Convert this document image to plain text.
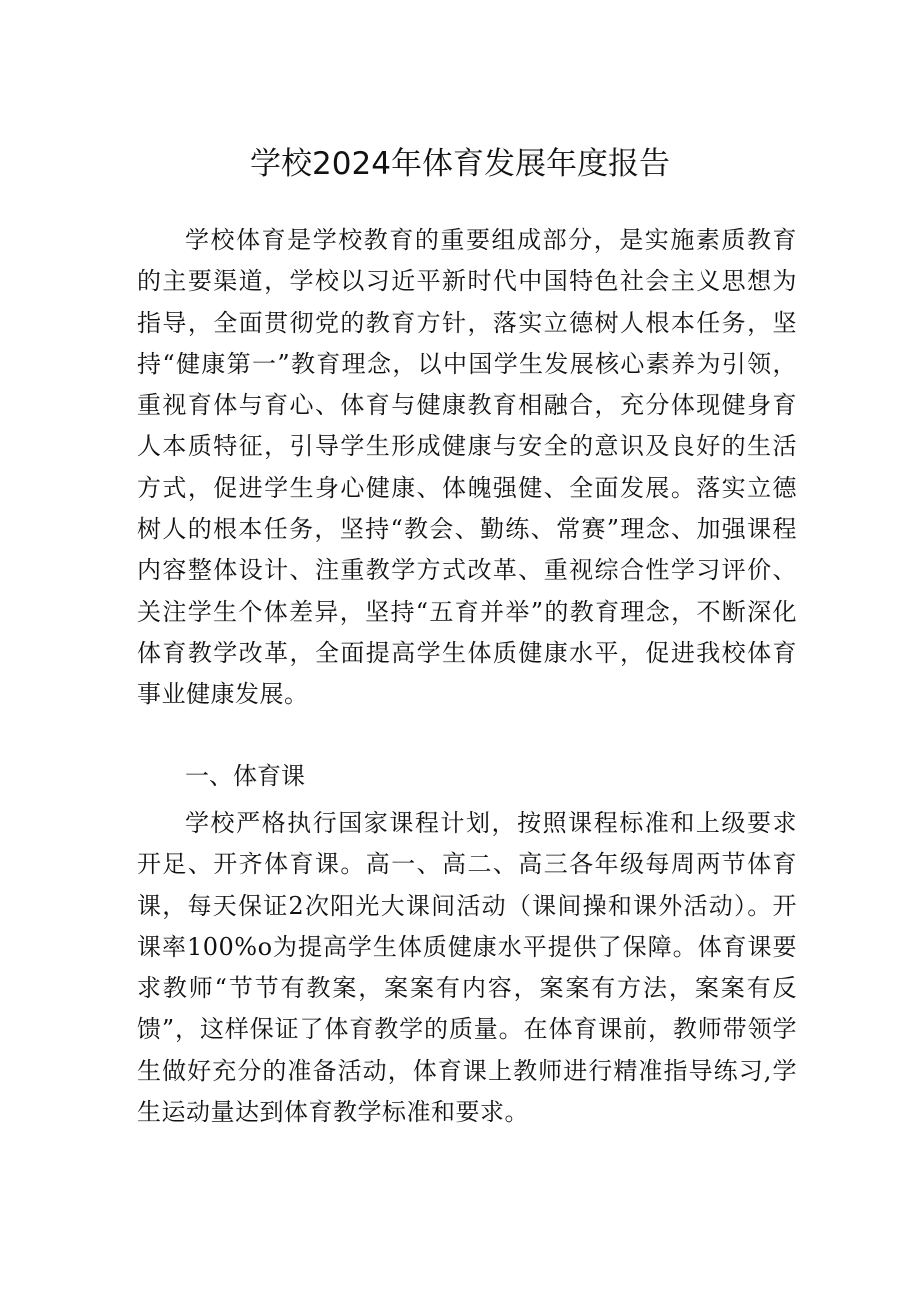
学校2024年体育发展年度报告

学校体育是学校教育的重要组成部分，是实施素质教育的主要渠道，学校以习近平新时代中国特色社会主义思想为指导，全面贯彻党的教育方针，落实立德树人根本任务，坚持“健康第一”教育理念，以中国学生发展核心素养为引领，重视育体与育心、体育与健康教育相融合，充分体现健身育人本质特征，引导学生形成健康与安全的意识及良好的生活方式，促进学生身心健康、体魄强健、全面发展。落实立德树人的根本任务，坚持“教会、勤练、常赛”理念、加强课程内容整体设计、注重教学方式改革、重视综合性学习评价、关注学生个体差异，坚持“五育并举”的教育理念，不断深化体育教学改革，全面提高学生体质健康水平，促进我校体育事业健康发展。

一、体育课

学校严格执行国家课程计划，按照课程标准和上级要求开足、开齐体育课。高一、高二、高三各年级每周两节体育课，每天保证2次阳光大课间活动（课间操和课外活动）。开课率100%o为提高学生体质健康水平提供了保障。体育课要求教师“节节有教案，案案有内容，案案有方法，案案有反馈”，这样保证了体育教学的质量。在体育课前，教师带领学生做好充分的准备活动，体育课上教师进行精准指导练习,学生运动量达到体育教学标准和要求。
